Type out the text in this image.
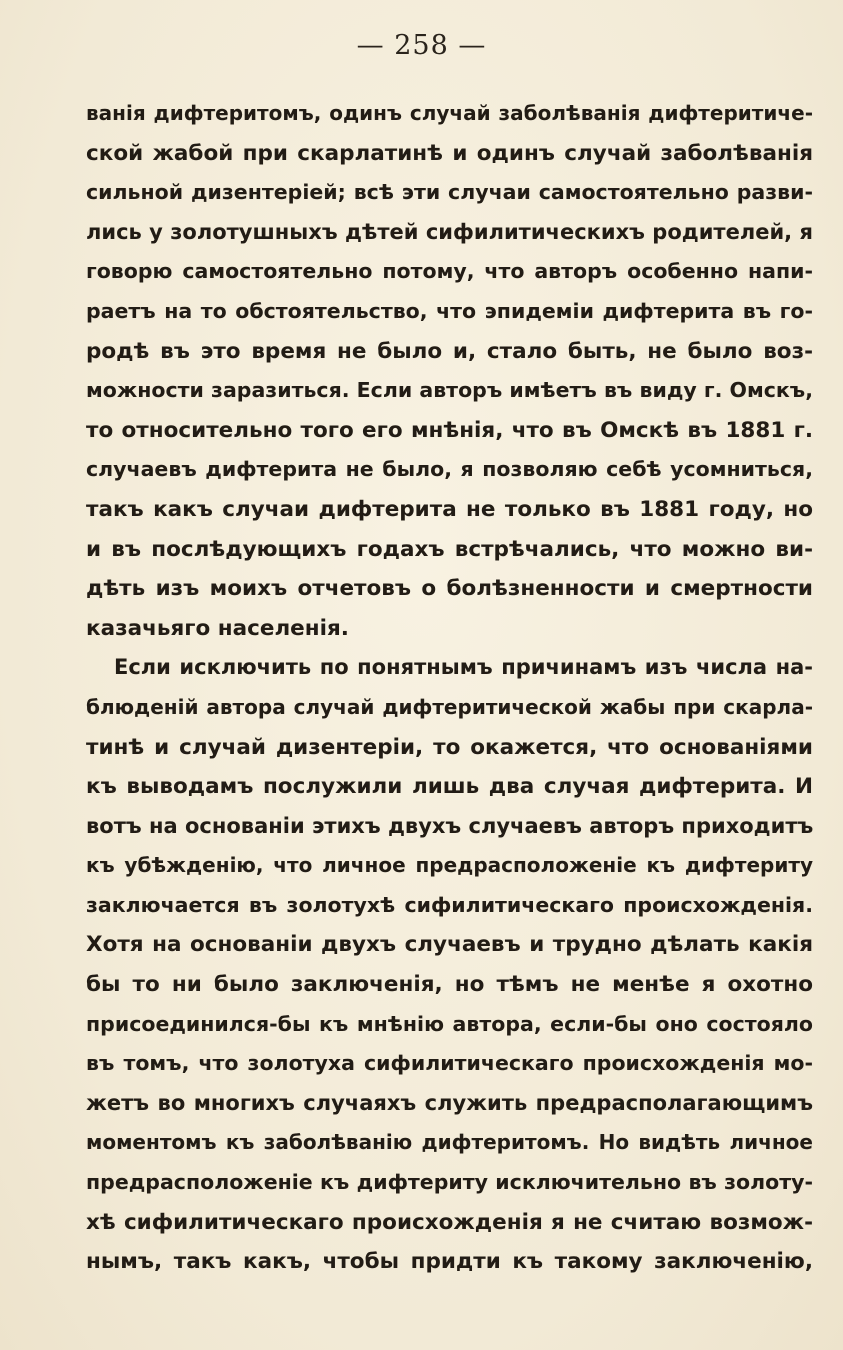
— 258 —
ванія дифтеритомъ, одинъ случай заболѣванія дифтеритиче-
ской жабой при скарлатинѣ и одинъ случай заболѣванія
сильной дизентеріей; всѣ эти случаи самостоятельно разви-
лись у золотушныхъ дѣтей сифилитическихъ родителей, я
говорю самостоятельно потому, что авторъ особенно напи-
раетъ на то обстоятельство, что эпидеміи дифтерита въ го-
родѣ въ это время не было и, стало быть, не было воз-
можности заразиться. Если авторъ имѣетъ въ виду г. Омскъ,
то относительно того его мнѣнія, что въ Омскѣ въ 1881 г.
случаевъ дифтерита не было, я позволяю себѣ усомниться,
такъ какъ случаи дифтерита не только въ 1881 году, но
и въ послѣдующихъ годахъ встрѣчались, что можно ви-
дѣть изъ моихъ отчетовъ о болѣзненности и смертности
казачьяго населенія.
Если исключить по понятнымъ причинамъ изъ числа на-
блюденій автора случай дифтеритической жабы при скарла-
тинѣ и случай дизентеріи, то окажется, что основаніями
къ выводамъ послужили лишь два случая дифтерита. И
вотъ на основаніи этихъ двухъ случаевъ авторъ приходитъ
къ убѣжденію, что личное предрасположеніе къ дифтериту
заключается въ золотухѣ сифилитическаго происхожденія.
Хотя на основаніи двухъ случаевъ и трудно дѣлать какія
бы то ни было заключенія, но тѣмъ не менѣе я охотно
присоединился-бы къ мнѣнію автора, если-бы оно состояло
въ томъ, что золотуха сифилитическаго происхожденія мо-
жетъ во многихъ случаяхъ служить предрасполагающимъ
моментомъ къ заболѣванію дифтеритомъ. Но видѣть личное
предрасположеніе къ дифтериту исключительно въ золоту-
хѣ сифилитическаго происхожденія я не считаю возмож-
нымъ, такъ какъ, чтобы придти къ такому заключенію,
